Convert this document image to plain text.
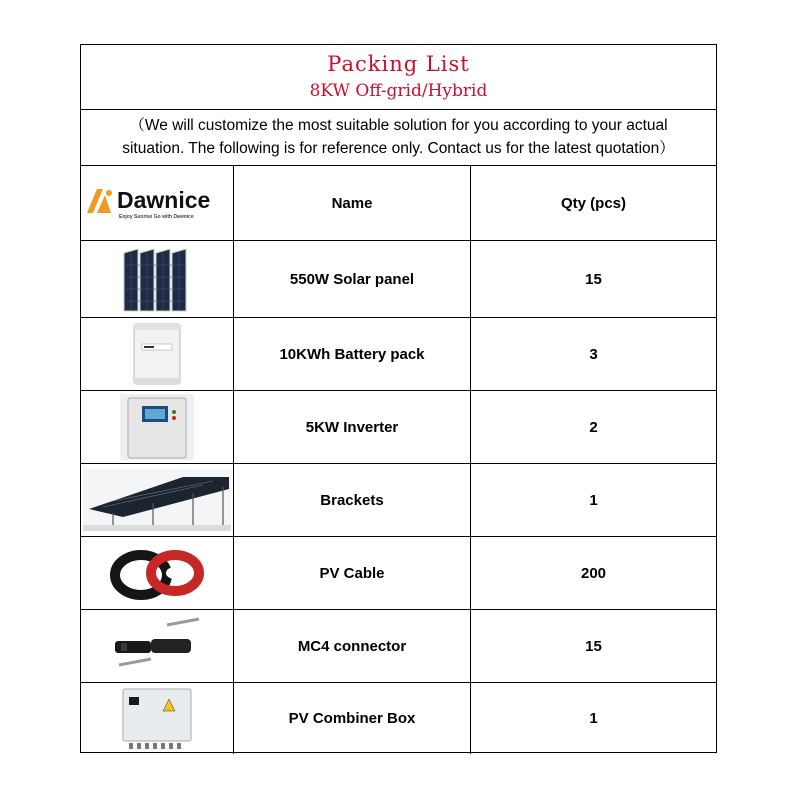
Packing List
8KW Off-grid/Hybrid
（We will customize the most suitable solution for you according to your actual
situation. The following is for reference only. Contact us for the latest quotation）
Dawnice
Enjoy Sunrise Go with Dawnice
Name	Qty (pcs)
550W Solar panel	15
10KWh Battery pack	3
5KW Inverter	2
Brackets	1
PV Cable	200
MC4 connector	15
PV Combiner Box	1
